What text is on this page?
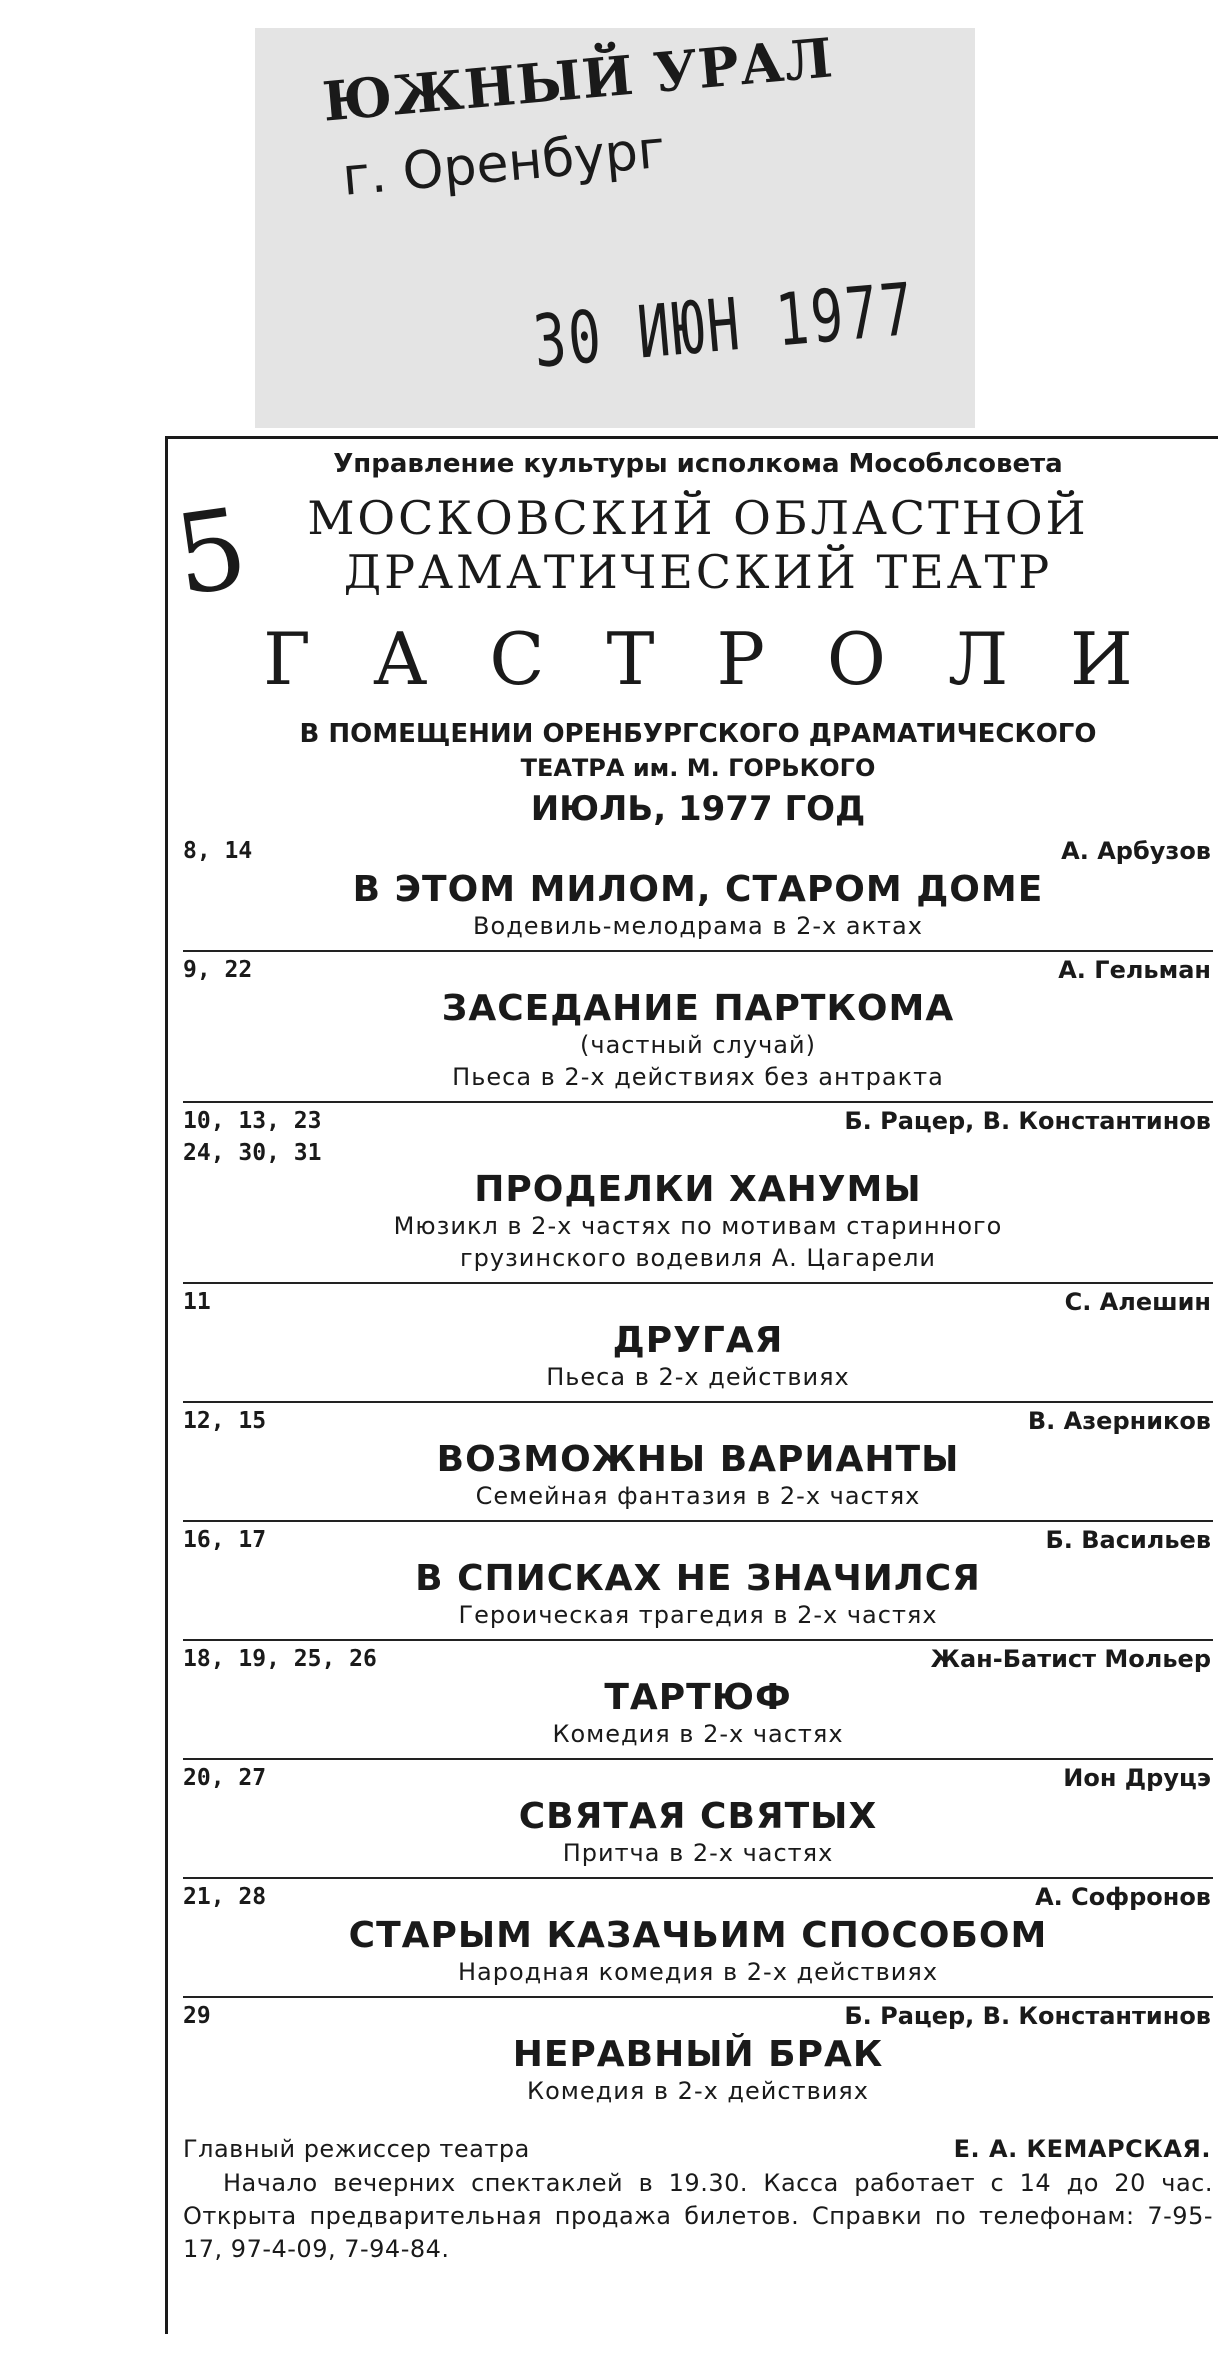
ЮЖНЫЙ УРАЛ
г. Оренбург
30 ИЮН 1977
5
Управление культуры исполкома Мособлсовета
МОСКОВСКИЙ ОБЛАСТНОЙ
ДРАМАТИЧЕСКИЙ ТЕАТР
ГАСТРОЛИ
В ПОМЕЩЕНИИ ОРЕНБУРГСКОГО ДРАМАТИЧЕСКОГО
ТЕАТРА им. М. ГОРЬКОГО
ИЮЛЬ, 1977 ГОД
8, 14	А. Арбузов
В ЭТОМ МИЛОМ, СТАРОМ ДОМЕ
Водевиль-мелодрама в 2-х актах
9, 22	А. Гельман
ЗАСЕДАНИЕ ПАРТКОМА
(частный случай)
Пьеса в 2-х действиях без антракта
10, 13, 23
24, 30, 31
Б. Рацер, В. Константинов
ПРОДЕЛКИ ХАНУМЫ
Мюзикл в 2-х частях по мотивам старинного
грузинского водевиля А. Цагарели
11	С. Алешин
ДРУГАЯ
Пьеса в 2-х действиях
12, 15	В. Азерников
ВОЗМОЖНЫ ВАРИАНТЫ
Семейная фантазия в 2-х частях
16, 17	Б. Васильев
В СПИСКАХ НЕ ЗНАЧИЛСЯ
Героическая трагедия в 2-х частях
18, 19, 25, 26	Жан-Батист Мольер
ТАРТЮФ
Комедия в 2-х частях
20, 27	Ион Друцэ
СВЯТАЯ СВЯТЫХ
Притча в 2-х частях
21, 28	А. Софронов
СТАРЫМ КАЗАЧЬИМ СПОСОБОМ
Народная комедия в 2-х действиях
29	Б. Рацер, В. Константинов
НЕРАВНЫЙ БРАК
Комедия в 2-х действиях
Главный режиссер театра	Е. А. КЕМАРСКАЯ.
Начало вечерних спектаклей в 19.30. Касса работает с 14 до 20 час. Открыта предварительная продажа билетов. Справки по телефонам: 7-95-17, 97-4-09, 7-94-84.
